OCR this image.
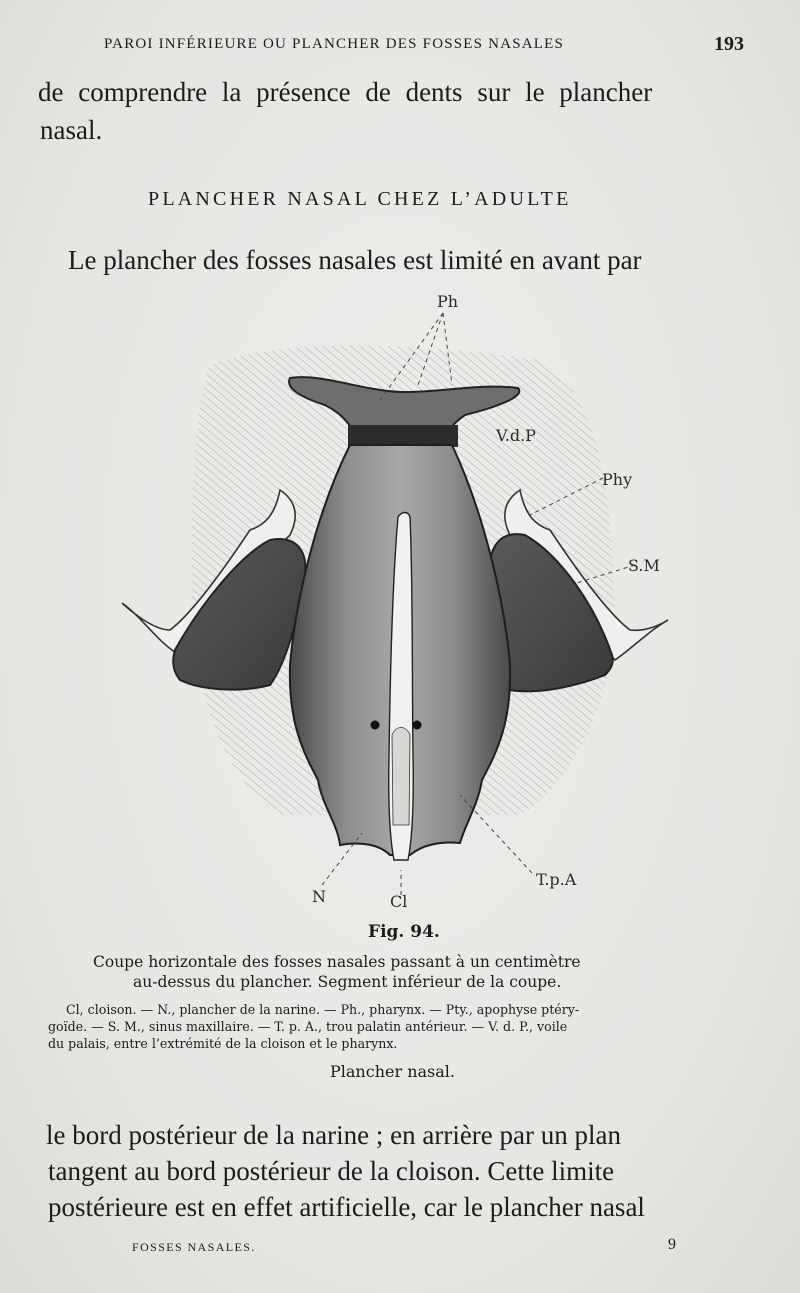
PAROI INFÉRIEURE OU PLANCHER DES FOSSES NASALES	193
de comprendre la présence de dents sur le plancher
nasal.
PLANCHER NASAL CHEZ L’ADULTE
Le plancher des fosses nasales est limité en avant par
Ph
V.d.P
Phy
S.M
T.p.A
N	Cl
Fig. 94.
Coupe horizontale des fosses nasales passant à un centimètre
au-dessus du plancher. Segment inférieur de la coupe.
Cl, cloison. — N., plancher de la narine. — Ph., pharynx. — Pty., apophyse ptéry-
goïde. — S. M., sinus maxillaire. — T. p. A., trou palatin antérieur. — V. d. P., voile
du palais, entre l’extrémité de la cloison et le pharynx.
Plancher nasal.
le bord postérieur de la narine ; en arrière par un plan
tangent au bord postérieur de la cloison. Cette limite
postérieure est en effet artificielle, car le plancher nasal
FOSSES NASALES.	9
